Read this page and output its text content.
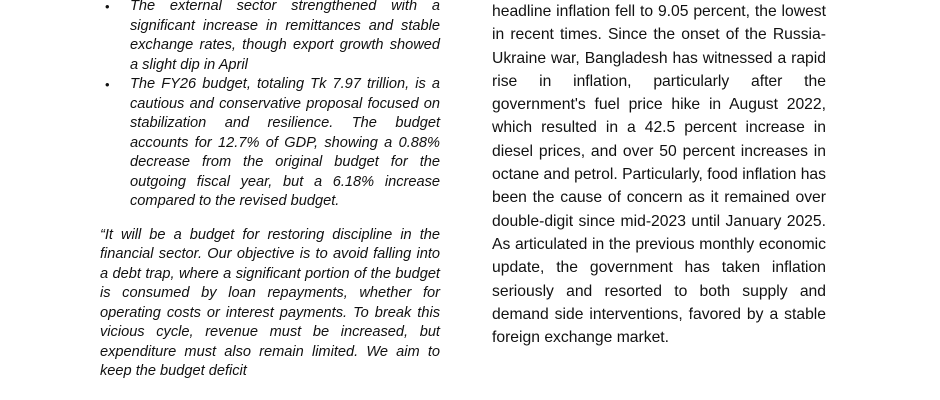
• The external sector strengthened with a significant increase in remittances and stable exchange rates, though export growth showed a slight dip in April
• The FY26 budget, totaling Tk 7.97 trillion, is a cautious and conservative proposal focused on stabilization and resilience. The budget accounts for 12.7% of GDP, showing a 0.88% decrease from the original budget for the outgoing fiscal year, but a 6.18% increase compared to the revised budget.

“It will be a budget for restoring discipline in the financial sector. Our objective is to avoid falling into a debt trap, where a significant portion of the budget is consumed by loan repayments, whether for operating costs or interest payments. To break this vicious cycle, revenue must be increased, but expenditure must also remain limited. We aim to keep the budget deficit

headline inflation fell to 9.05 percent, the lowest in recent times. Since the onset of the Russia-Ukraine war, Bangladesh has witnessed a rapid rise in inflation, particularly after the government's fuel price hike in August 2022, which resulted in a 42.5 percent increase in diesel prices, and over 50 percent increases in octane and petrol. Particularly, food inflation has been the cause of concern as it remained over double-digit since mid-2023 until January 2025. As articulated in the previous monthly economic update, the government has taken inflation seriously and resorted to both supply and demand side interventions, favored by a stable foreign exchange market.
